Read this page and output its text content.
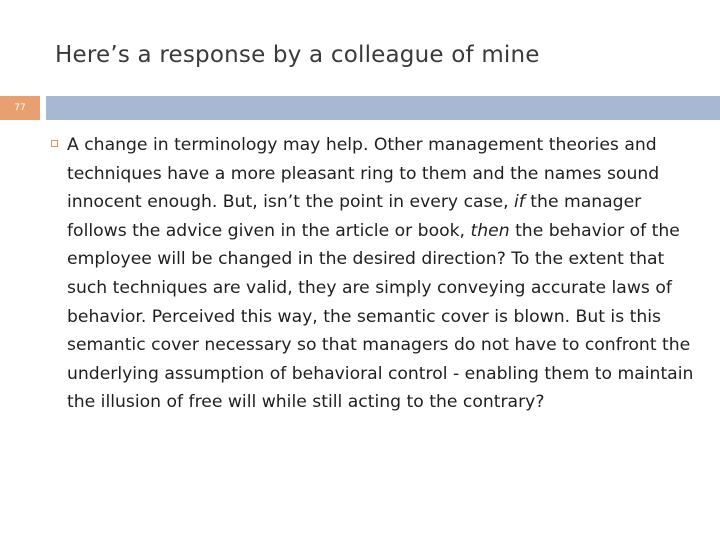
Here’s a response by a colleague of mine
77
A change in terminology may help. Other management theories and techniques have a more pleasant ring to them and the names sound innocent enough. But, isn’t the point in every case, if the manager follows the advice given in the article or book, then the behavior of the employee will be changed in the desired direction? To the extent that such techniques are valid, they are simply conveying accurate laws of behavior. Perceived this way, the semantic cover is blown. But is this semantic cover necessary so that managers do not have to confront the underlying assumption of behavioral control - enabling them to maintain the illusion of free will while still acting to the contrary?
